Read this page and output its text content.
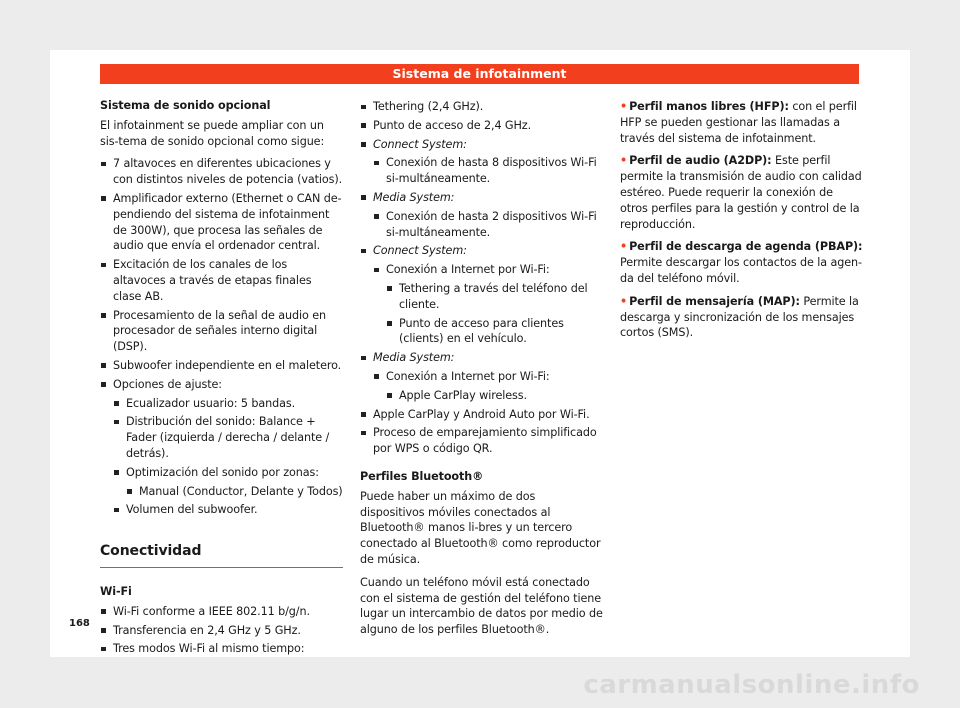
Sistema de infotainment
Sistema de sonido opcional

El infotainment se puede ampliar con un sis-tema de sonido opcional como sigue:

7 altavoces en diferentes ubicaciones y con distintos niveles de potencia (vatios).
Amplificador externo (Ethernet o CAN de-pendiendo del sistema de infotainment de 300W), que procesa las señales de audio que envía el ordenador central.
Excitación de los canales de los altavoces a través de etapas finales clase AB.
Procesamiento de la señal de audio en procesador de señales interno digital (DSP).
Subwoofer independiente en el maletero.
Opciones de ajuste:
Ecualizador usuario: 5 bandas.
Distribución del sonido: Balance + Fader (izquierda / derecha / delante / detrás).
Optimización del sonido por zonas:
Manual (Conductor, Delante y Todos)
Volumen del subwoofer.
Conectividad
Wi-Fi
Wi-Fi conforme a IEEE 802.11 b/g/n.
Transferencia en 2,4 GHz y 5 GHz.
Tres modos Wi-Fi al mismo tiempo:
Tethering (2,4 GHz).
Punto de acceso de 2,4 GHz.
Connect System:
Conexión de hasta 8 dispositivos Wi-Fi si-multáneamente.
Media System:
Conexión de hasta 2 dispositivos Wi-Fi si-multáneamente.
Connect System:
Conexión a Internet por Wi-Fi:
Tethering a través del teléfono del cliente.
Punto de acceso para clientes (clients) en el vehículo.
Media System:
Conexión a Internet por Wi-Fi:
Apple CarPlay wireless.
Apple CarPlay y Android Auto por Wi-Fi.
Proceso de emparejamiento simplificado por WPS o código QR.
Perfiles Bluetooth®

Puede haber un máximo de dos dispositivos móviles conectados al Bluetooth® manos li-bres y un tercero conectado al Bluetooth® como reproductor de música.

Cuando un teléfono móvil está conectado con el sistema de gestión del teléfono tiene lugar un intercambio de datos por medio de alguno de los perfiles Bluetooth®.

• Perfil manos libres (HFP): con el perfil HFP se pueden gestionar las llamadas a través del sistema de infotainment.

• Perfil de audio (A2DP): Este perfil permite la transmisión de audio con calidad estéreo. Puede requerir la conexión de otros perfiles para la gestión y control de la reproducción.

• Perfil de descarga de agenda (PBAP): Permite descargar los contactos de la agen-da del teléfono móvil.

• Perfil de mensajería (MAP): Permite la descarga y sincronización de los mensajes cortos (SMS).

168
carmanualsonline.info
